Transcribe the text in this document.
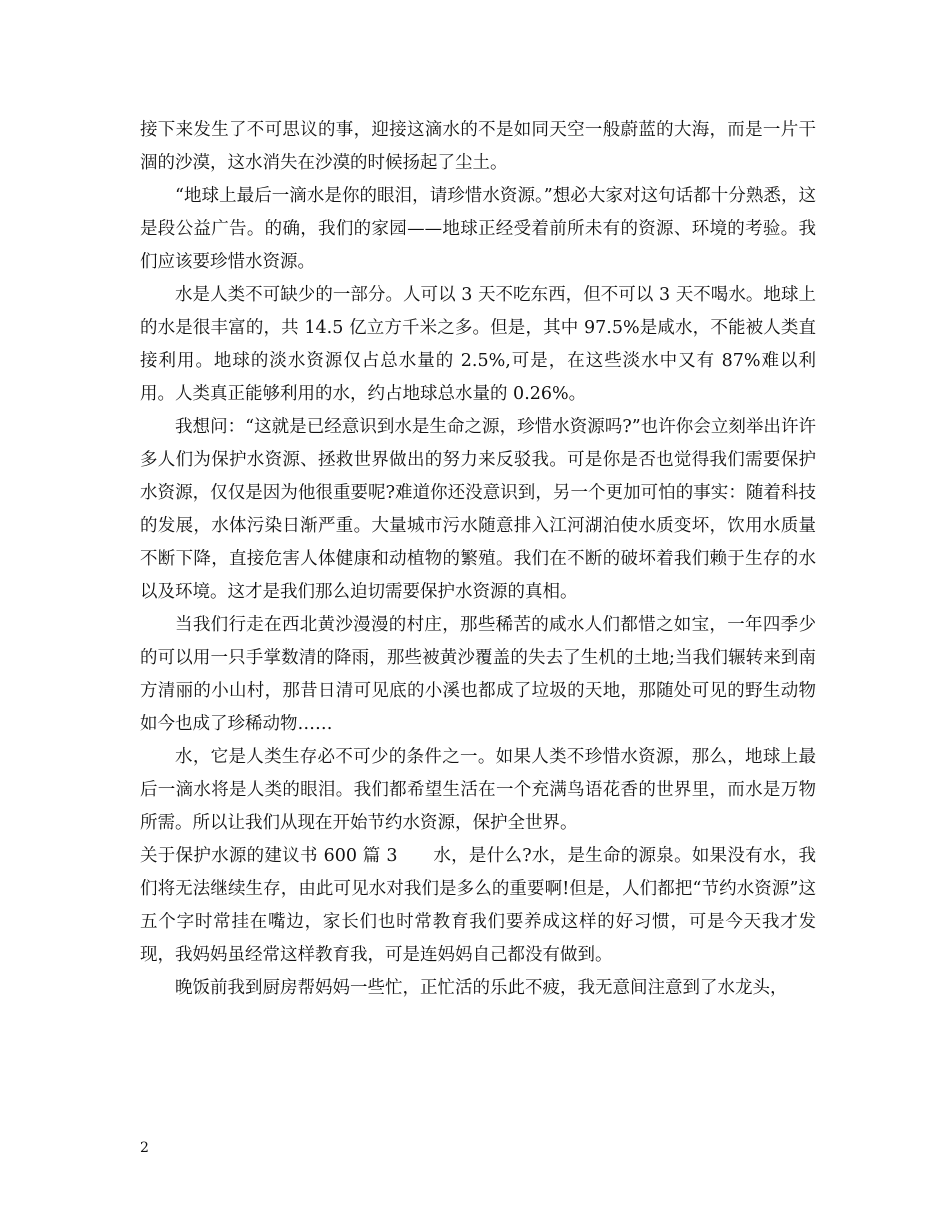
接下来发生了不可思议的事，迎接这滴水的不是如同天空一般蔚蓝的大海，而是一片干涸的沙漠，这水消失在沙漠的时候扬起了尘土。

“地球上最后一滴水是你的眼泪，请珍惜水资源。”想必大家对这句话都十分熟悉，这是段公益广告。的确，我们的家园——地球正经受着前所未有的资源、环境的考验。我们应该要珍惜水资源。

水是人类不可缺少的一部分。人可以 3 天不吃东西，但不可以 3 天不喝水。地球上的水是很丰富的，共 14.5 亿立方千米之多。但是，其中 97.5%是咸水，不能被人类直接利用。地球的淡水资源仅占总水量的 2.5%,可是，在这些淡水中又有 87%难以利用。人类真正能够利用的水，约占地球总水量的 0.26%。

我想问：“这就是已经意识到水是生命之源，珍惜水资源吗?”也许你会立刻举出许许多人们为保护水资源、拯救世界做出的努力来反驳我。可是你是否也觉得我们需要保护水资源，仅仅是因为他很重要呢?难道你还没意识到，另一个更加可怕的事实：随着科技的发展，水体污染日渐严重。大量城市污水随意排入江河湖泊使水质变坏，饮用水质量不断下降，直接危害人体健康和动植物的繁殖。我们在不断的破坏着我们赖于生存的水以及环境。这才是我们那么迫切需要保护水资源的真相。

当我们行走在西北黄沙漫漫的村庄，那些稀苦的咸水人们都惜之如宝，一年四季少的可以用一只手掌数清的降雨，那些被黄沙覆盖的失去了生机的土地;当我们辗转来到南方清丽的小山村，那昔日清可见底的小溪也都成了垃圾的天地，那随处可见的野生动物如今也成了珍稀动物……

水，它是人类生存必不可少的条件之一。如果人类不珍惜水资源，那么，地球上最后一滴水将是人类的眼泪。我们都希望生活在一个充满鸟语花香的世界里，而水是万物所需。所以让我们从现在开始节约水资源，保护全世界。

关于保护水源的建议书 600 篇 3　　水，是什么?水，是生命的源泉。如果没有水，我们将无法继续生存，由此可见水对我们是多么的重要啊!但是，人们都把“节约水资源”这五个字时常挂在嘴边，家长们也时常教育我们要养成这样的好习惯，可是今天我才发现，我妈妈虽经常这样教育我，可是连妈妈自己都没有做到。

晚饭前我到厨房帮妈妈一些忙，正忙活的乐此不疲，我无意间注意到了水龙头，

2
